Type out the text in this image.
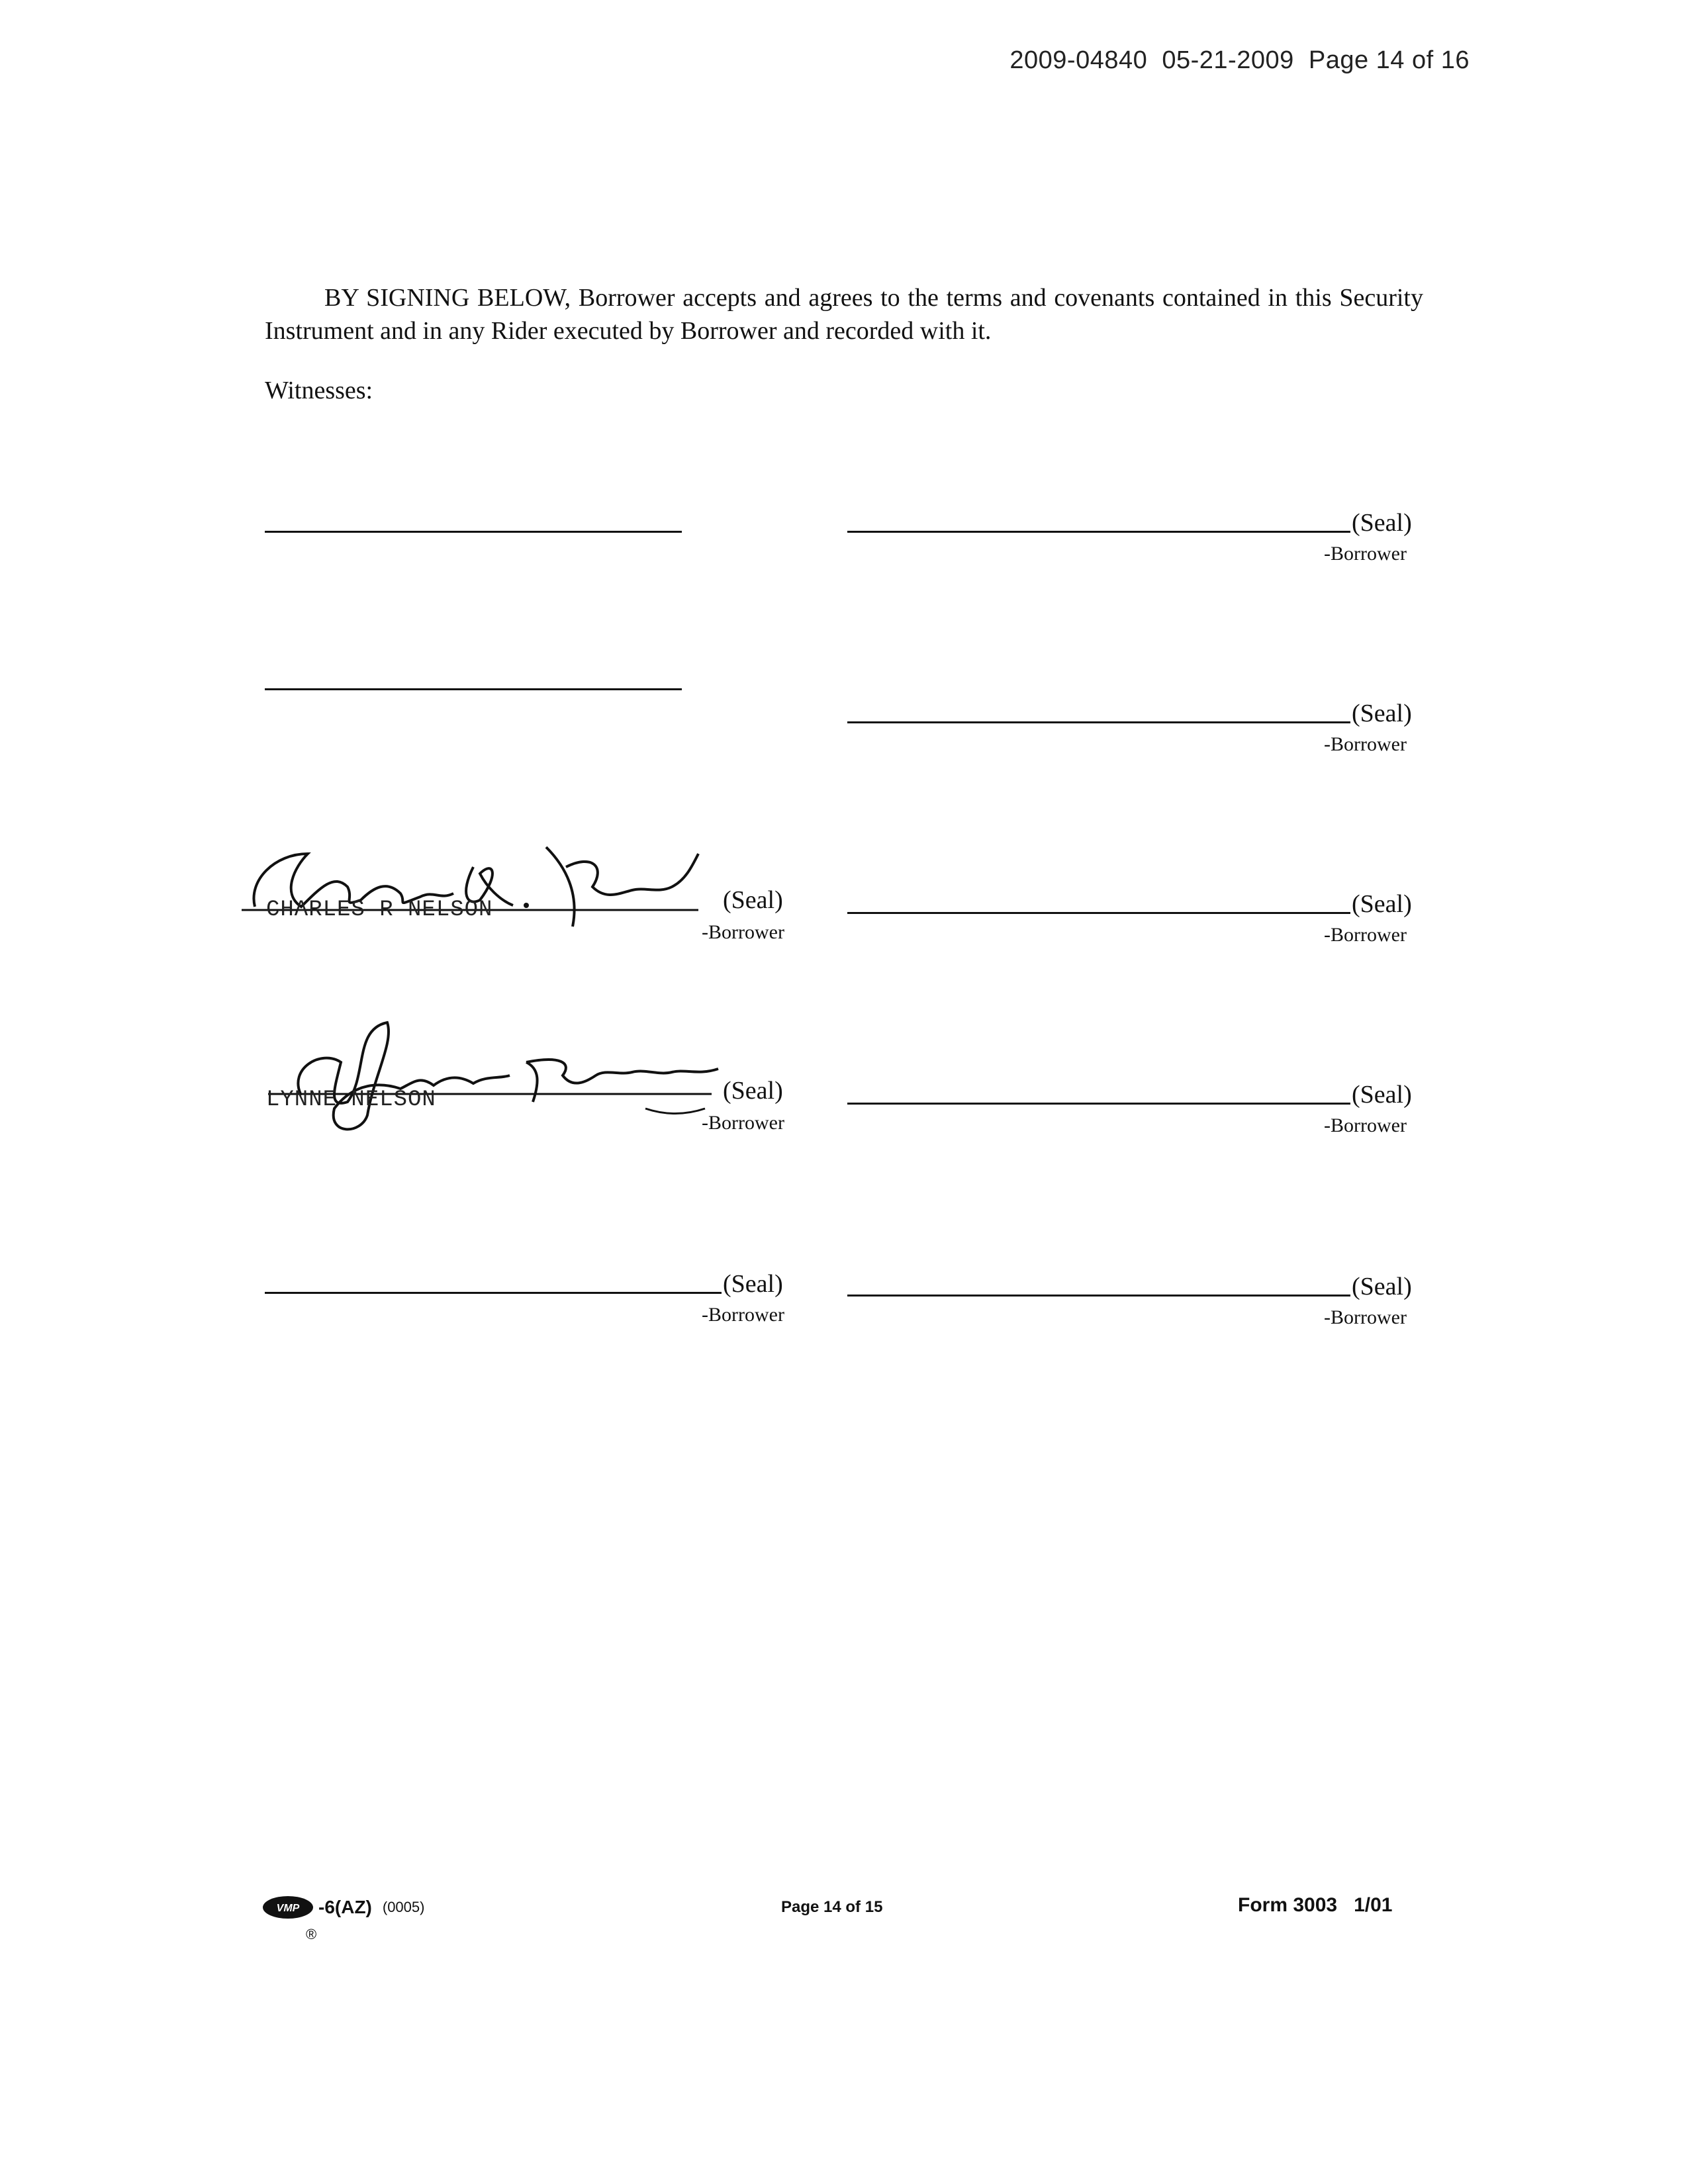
2009-04840  05-21-2009  Page 14 of 16

BY SIGNING BELOW, Borrower accepts and agrees to the terms and covenants contained in this Security Instrument and in any Rider executed by Borrower and recorded with it.

Witnesses:
(Seal)
-Borrower
(Seal)
-Borrower
CHARLES R NELSON	(Seal)
-Borrower
(Seal)
-Borrower
LYNNE NELSON	(Seal)
-Borrower
(Seal)
-Borrower
(Seal)
-Borrower
(Seal)
-Borrower
VMP -6(AZ) (0005)
®
Page 14 of 15	Form 3003   1/01
